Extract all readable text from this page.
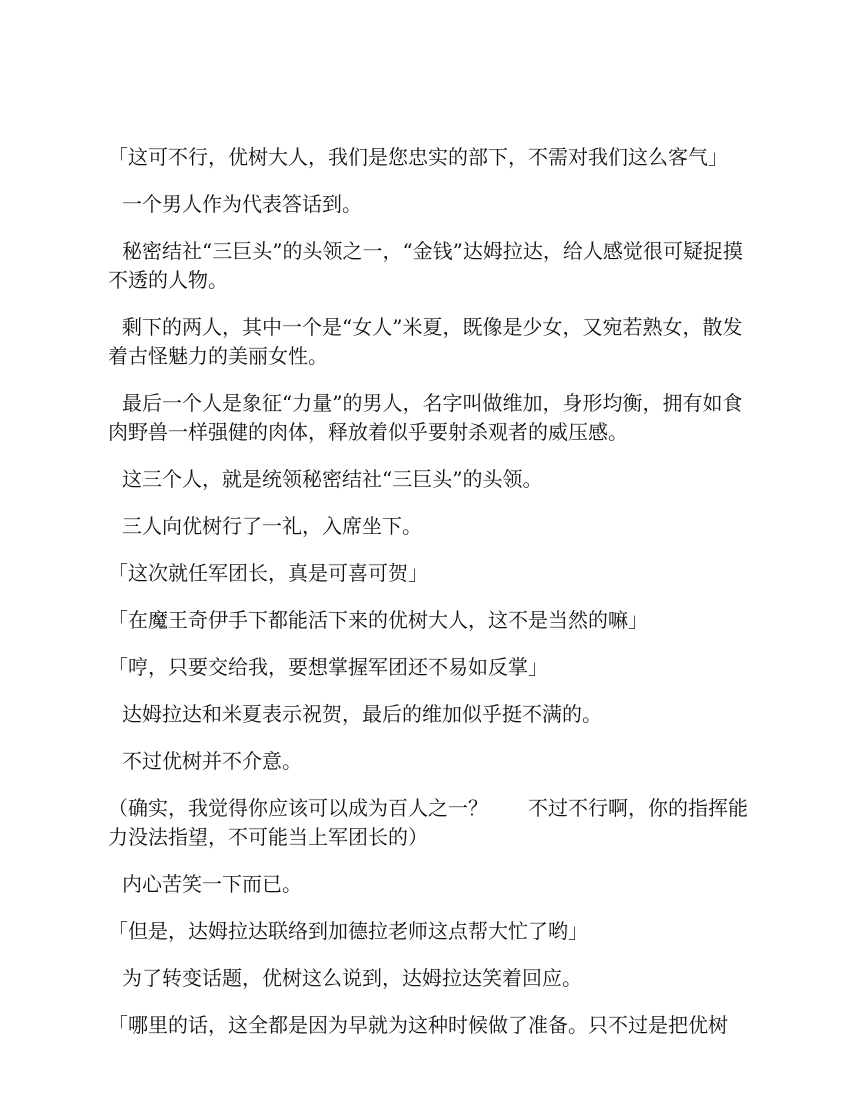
「这可不行，优树大人，我们是您忠实的部下，不需对我们这么客气」

一个男人作为代表答话到。

秘密结社“三巨头”的头领之一，“金钱”达姆拉达，给人感觉很可疑捉摸不透的人物。

剩下的两人，其中一个是“女人”米夏，既像是少女，又宛若熟女，散发着古怪魅力的美丽女性。

最后一个人是象征“力量”的男人，名字叫做维加，身形均衡，拥有如食肉野兽一样强健的肉体，释放着似乎要射杀观者的威压感。

这三个人，就是统领秘密结社“三巨头”的头领。

三人向优树行了一礼，入席坐下。

「这次就任军团长，真是可喜可贺」

「在魔王奇伊手下都能活下来的优树大人，这不是当然的嘛」

「哼，只要交给我，要想掌握军团还不易如反掌」

达姆拉达和米夏表示祝贺，最后的维加似乎挺不满的。

不过优树并不介意。

（确实，我觉得你应该可以成为百人之一？　　不过不行啊，你的指挥能力没法指望，不可能当上军团长的）

内心苦笑一下而已。

「但是，达姆拉达联络到加德拉老师这点帮大忙了哟」

为了转变话题，优树这么说到，达姆拉达笑着回应。

「哪里的话，这全都是因为早就为这种时候做了准备。只不过是把优树
